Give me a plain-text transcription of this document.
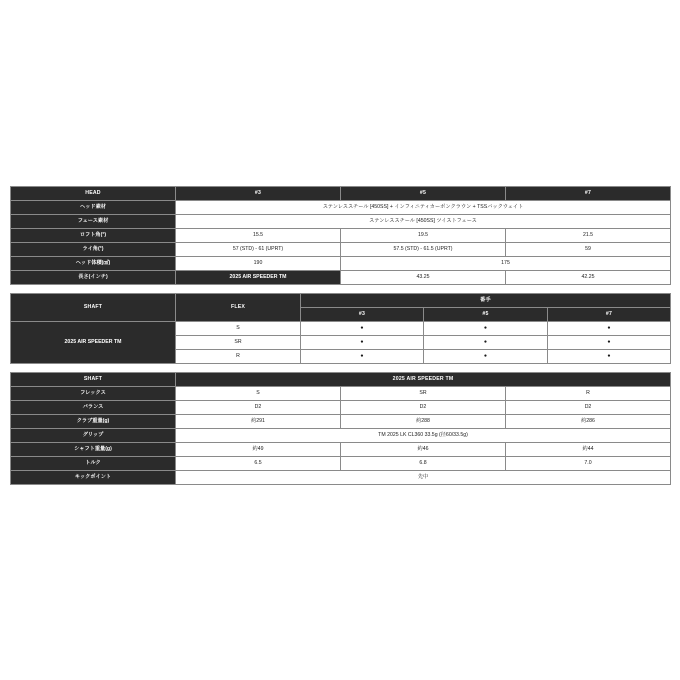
HEAD	#3	#5	#7
ヘッド素材	ステンレススチール [450SS] + インフィニティカーボンクラウン + TSSバックウェイト		
フェース素材	ステンレススチール [450SS] ツイストフェース		
ロフト角(°)	15.5	19.5	21.5
ライ角(°)	57 (STD) - 61 (UPRT)	57.5 (STD) - 61.5 (UPRT)	59
ヘッド体積(㎤)	190	175	
長さ(インチ)	2025 AIR SPEEDER TM	43.25	42.25
SHAFT	FLEX	番手		
		#3	#5	#7
2025 AIR SPEEDER TM	S	●	●	●
	SR	●	●	●
	R	●	●	●
SHAFT	2025 AIR SPEEDER TM		
フレックス	S	SR	R
バランス	D2	D2	D2
クラブ重量(g)	約291	約288	約286
グリップ	TM 2025 LK CL360 33.5g (径60/33.5g)		
シャフト重量(g)	約49	約46	約44
トルク	6.5	6.8	7.0
キックポイント	先中		
